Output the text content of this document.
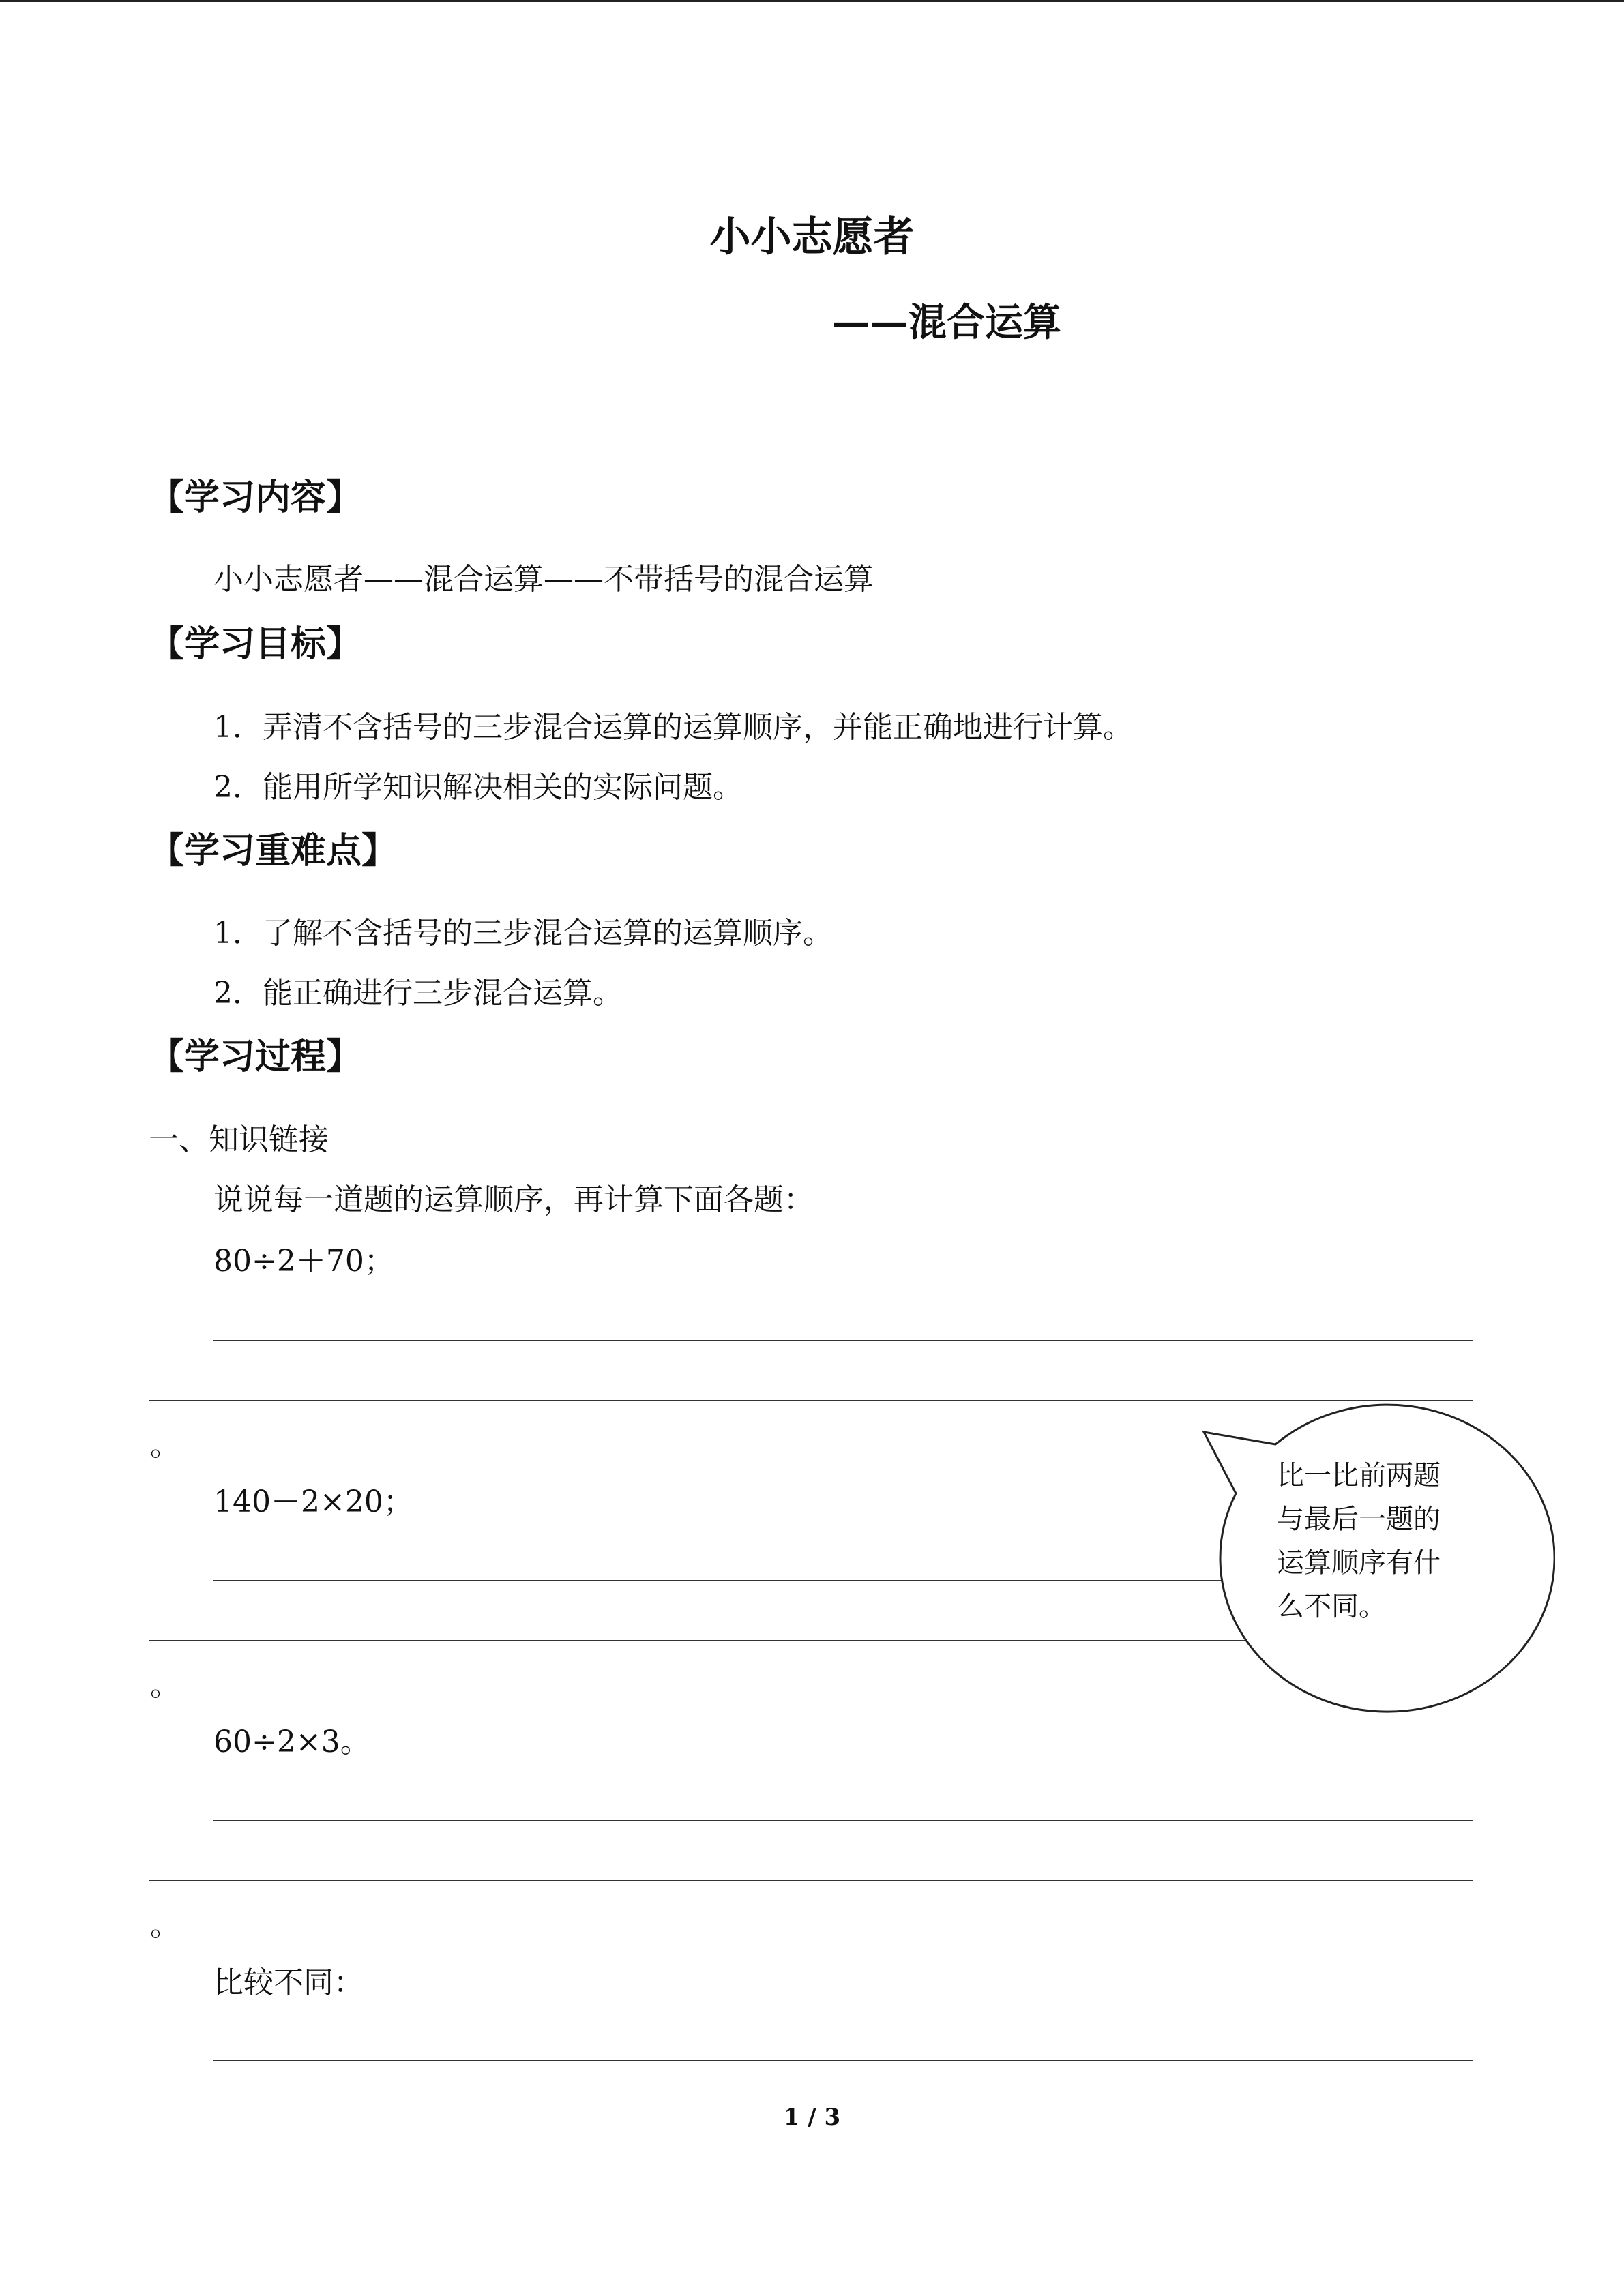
小小志愿者
——混合运算
【学习内容】
小小志愿者——混合运算——不带括号的混合运算
【学习目标】
1．弄清不含括号的三步混合运算的运算顺序，并能正确地进行计算。
2．能用所学知识解决相关的实际问题。
【学习重难点】
1．了解不含括号的三步混合运算的运算顺序。
2．能正确进行三步混合运算。
【学习过程】
一、知识链接
说说每一道题的运算顺序，再计算下面各题：
80÷2＋70；
。
140－2×20；
。
60÷2×3。
。
比较不同：
比一比前两题与最后一题的运算顺序有什么不同。
1 / 3
